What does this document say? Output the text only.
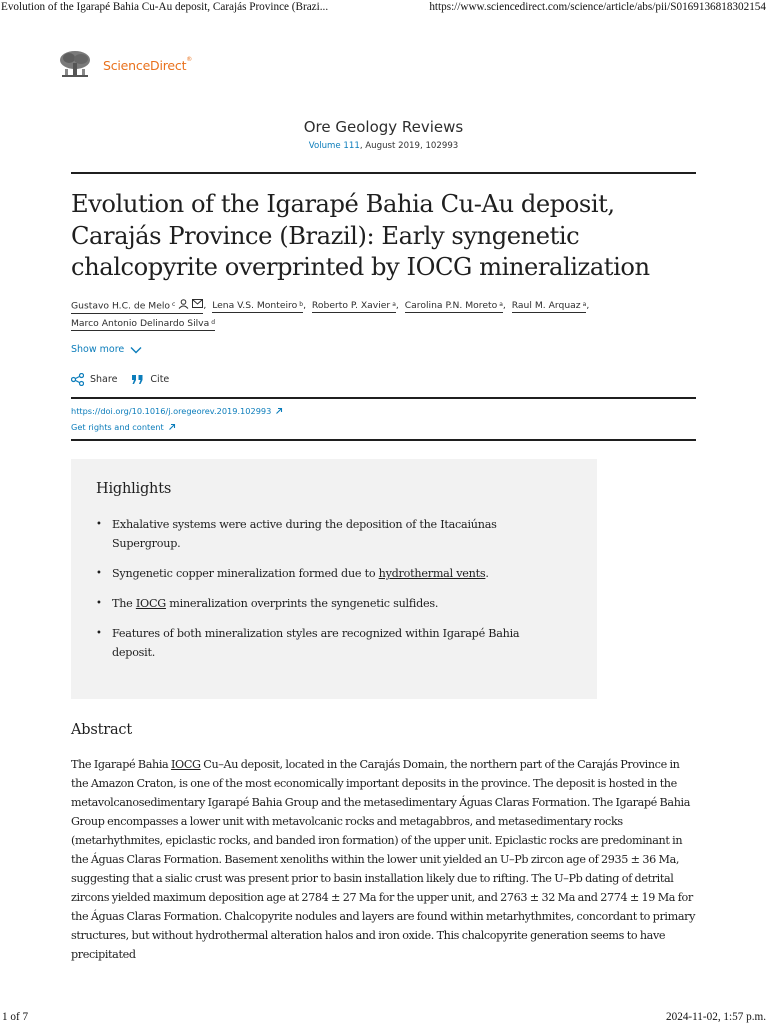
Evolution of the Igarapé Bahia Cu-Au deposit, Carajás Province (Brazi...	https://www.sciencedirect.com/science/article/abs/pii/S0169136818302154
ScienceDirect®
Ore Geology Reviews
Volume 111, August 2019, 102993
Evolution of the Igarapé Bahia Cu-Au deposit, Carajás Province (Brazil): Early syngenetic chalcopyrite overprinted by IOCG mineralization
Gustavo H.C. de Melo $^c$	, Lena V.S. Monteiro $^b$, Roberto P. Xavier $^a$, Carolina P.N. Moreto $^a$, Raul M. Arquaz $^a$,
Marco Antonio Delinardo Silva $^d$
Show more
Share	Cite
https://doi.org/10.1016/j.oregeorev.2019.102993
Get rights and content
Highlights
• Exhalative systems were active during the deposition of the Itacaiúnas Supergroup.
• Syngenetic copper mineralization formed due to hydrothermal vents.
• The IOCG mineralization overprints the syngenetic sulfides.
• Features of both mineralization styles are recognized within Igarapé Bahia deposit.
Abstract

The Igarapé Bahia IOCG Cu–Au deposit, located in the Carajás Domain, the northern part of the Carajás Province in the Amazon Craton, is one of the most economically important deposits in the province. The deposit is hosted in the metavolcanosedimentary Igarapé Bahia Group and the metasedimentary Águas Claras Formation. The Igarapé Bahia Group encompasses a lower unit with metavolcanic rocks and metagabbros, and metasedimentary rocks (metarhythmites, epiclastic rocks, and banded iron formation) of the upper unit. Epiclastic rocks are predominant in the Águas Claras Formation. Basement xenoliths within the lower unit yielded an U–Pb zircon age of 2935 ± 36 Ma, suggesting that a sialic crust was present prior to basin installation likely due to rifting. The U–Pb dating of detrital zircons yielded maximum deposition age at 2784 ± 27 Ma for the upper unit, and 2763 ± 32 Ma and 2774 ± 19 Ma for the Águas Claras Formation. Chalcopyrite nodules and layers are found within metarhythmites, concordant to primary structures, but without hydrothermal alteration halos and iron oxide. This chalcopyrite generation seems to have precipitated

1 of 7	2024-11-02, 1:57 p.m.
